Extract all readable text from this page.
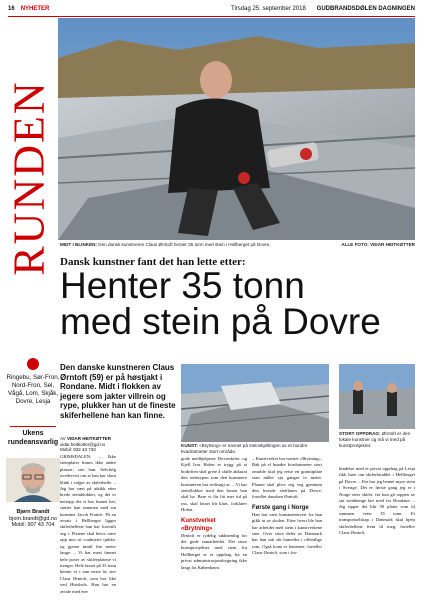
16 NYHETER	Tirsdag 25. september 2018 GUDBRANDSDØLEN DAGNINGEN
RUNDEN MIDT I BLINKEN: Den dansk kunstneren Claus Ørntoft henter 35 tonn med stein i Hellberget på Dovre.	ALLE FOTO: VIDAR HEITKØTTER
Dansk kunstner fant det han lette etter:
Henter 35 tonn
med stein på Dovre
Ringebu, Sør-Fron, Nord-Fron, Sel, Vågå, Lom, Skjåk, Dovre, Lesja
Ukens rundeansvarlig
Bjørn Brandt
bjorn.brandt@gd.no
Mobil: 907 43 704
Den danske kunstneren Claus Ørntoft (59) er på høstjakt i Rondane. Midt i flokken av jegere som jakter villrein og rype, plukker han ut de fineste skiferhellene han kan finne.
AV VIDAR HEITKØTTER
vidar.heitkotter@gd.no
Mobil: 932 43 733
GRIMSDALEN: – Ikke steinplater finnes ikke andre plasser, sier han. Selvfølg overbevist om at han har skutt blink i valget av skiferhelle. – Jeg har vært på utkikk etter brede steinblokker, og det er nettopp det vi har funnet her, støtter han sammen med sin kunstner Jacob Franch. På en avsats i Hellberget ligger skiferhellene han har forestilt seg i. Flatene skal bevis være opp mot tri coulmetre tjukke, og gjerne inntil fire meter lange. – Vi har mest funnet hele poser av skiferplatene vi trenger. Hele lasset på 35 tonn henter vi i ann neste år, sier Claus Ørntoft, som bor like ved Hirtshals. Han har en avtale med eier
KUNST: «Brytning» er navnet på steinskjeltingen av et hundre kvadratmeter stort område.
STORT OPPDRAG: Ørntoft er den lokale kunstner og må vi med på kunstprosjektet.

gode medhjelperer Dovreskifer, og Kjell Ivar Holen er trygg på at bodriften skal greie å slaffe akkurat den steintypen som den kunstnere kunstneren har seiltsøgt ut. – Vi har steinflokker med den bosen han skal ha. Bare vi får litt mer tid på oss, skal lasset bli klart, forklarer Holen.

Kunstverket «Brytning»

Ørntoft er tydelig takknemlig for det gode samarbeidet. Det store kunstprosjektet med stein fra Hellberget er et oppdrag fra en privat administrasjonsbygning ikke langt fra København.

– Kunstverket har navnet «Brytning». Bak på el bundre kvadratmeter stort område skal jeg reise en granittplate som måler sju ganger to meter. Planen skal plivs seg veg gjennom den hvasde steiflaten på Dovre, forteller dansken Ørntoft.

Første gang i Norge

Han har vært kunstnerenvert fra han gikk ut av skolen. Etter hvert ble han har arbeidet med stein i kunstverkene sine. Over store deler av Danmark har han satt sitt bumerke i offentlige rom. Også kona er kunstner, forteller Claus Ørntoft, som i for-

bindelse med et privat oppdrag på Lesja fikk høre om skiferbruddet i Hellberget på Dovre. – Før har jeg hentet myre stein i Sverige. Det er første gang jeg er i Norge etter skifer, før kan gå toppen av sin steinhenge her med fra Rondane. – Jeg tipper det blir 50 plater som til sammen veier 35 tonn. Et transportselskap i Danmark skal hjem skiferhellene frem til meg, forteller Claus Ørntoft.
